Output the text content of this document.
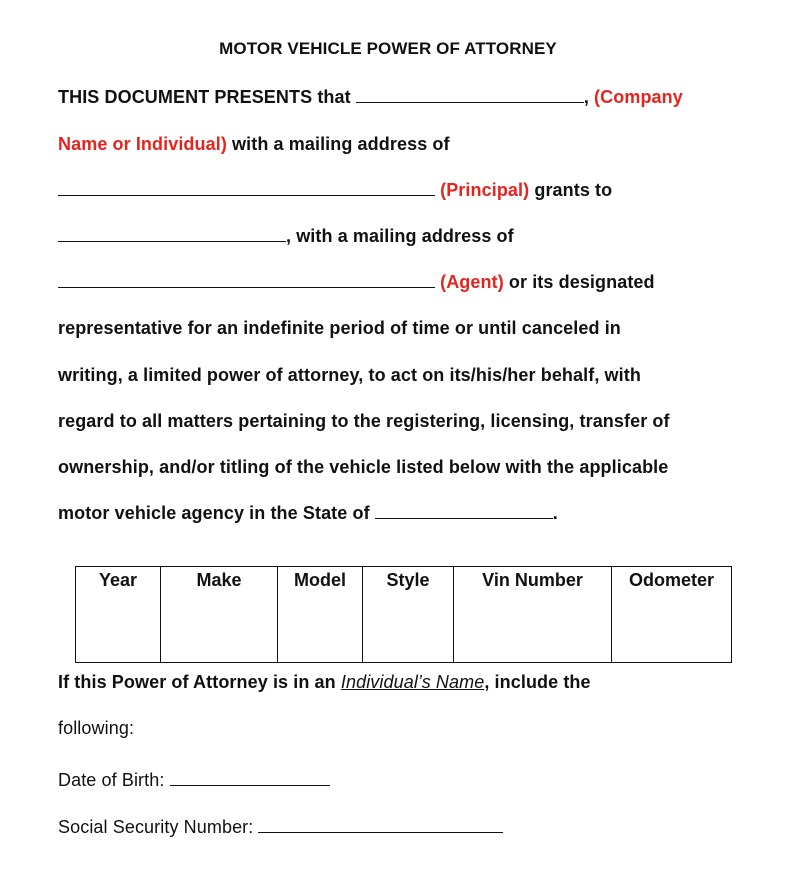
MOTOR VEHICLE POWER OF ATTORNEY
THIS DOCUMENT PRESENTS that	, (Company
Name or Individual) with a mailing address of
(Principal) grants to
, with a mailing address of
(Agent) or its designated
representative for an indefinite period of time or until canceled in
writing, a limited power of attorney, to act on its/his/her behalf, with
regard to all matters pertaining to the registering, licensing, transfer of
ownership, and/or titling of the vehicle listed below with the applicable
motor vehicle agency in the State of	.
Year	Make	Model	Style	Vin Number	Odometer
If this Power of Attorney is in an Individual’s Name, include the
following:
Date of Birth:
Social Security Number:
